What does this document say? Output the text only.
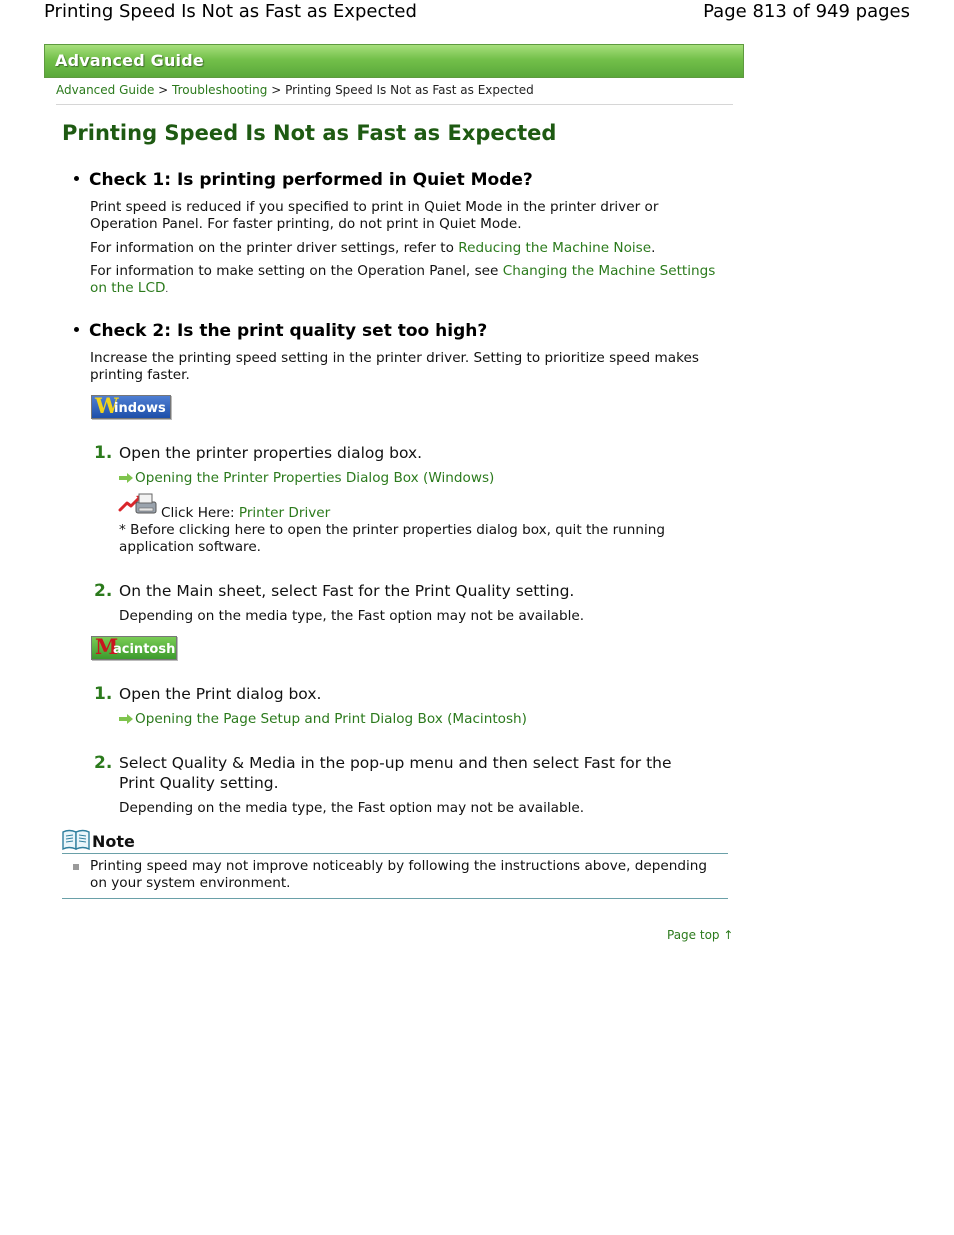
Printing Speed Is Not as Fast as Expected	Page 813 of 949 pages
Advanced Guide
Advanced Guide > Troubleshooting > Printing Speed Is Not as Fast as Expected
Printing Speed Is Not as Fast as Expected
Check 1: Is printing performed in Quiet Mode?
Print speed is reduced if you specified to print in Quiet Mode in the printer driver or Operation Panel. For faster printing, do not print in Quiet Mode.
For information on the printer driver settings, refer to Reducing the Machine Noise.
For information to make setting on the Operation Panel, see Changing the Machine Settings on the LCD.
Check 2: Is the print quality set too high?
Increase the printing speed setting in the printer driver. Setting to prioritize speed makes printing faster.
W
indows
1. Open the printer properties dialog box.
Opening the Printer Properties Dialog Box (Windows)
Click Here: Printer Driver
* Before clicking here to open the printer properties dialog box, quit the running application software.
2. On the Main sheet, select Fast for the Print Quality setting.
Depending on the media type, the Fast option may not be available.
M
acintosh
1. Open the Print dialog box.
Opening the Page Setup and Print Dialog Box (Macintosh)
2. Select Quality & Media in the pop-up menu and then select Fast for the Print Quality setting.
Depending on the media type, the Fast option may not be available.
Note
Printing speed may not improve noticeably by following the instructions above, depending on your system environment.
Page top ↑
